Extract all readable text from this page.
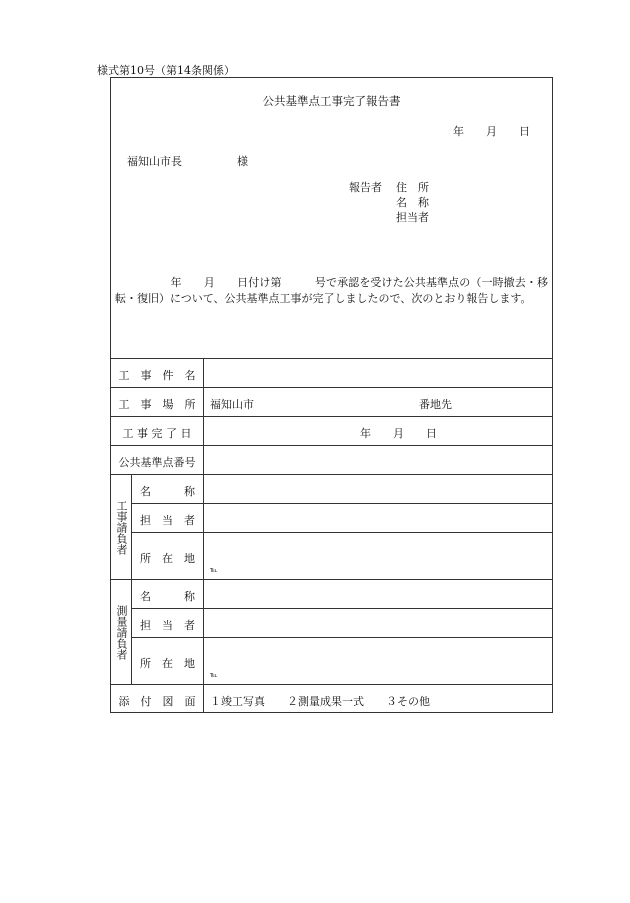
様式第10号（第14条関係）
公共基準点工事完了報告書
年　　月　　日
福知山市長　　　　　様
報告者 住　所
名　称
担当者
　　　　　年　　月　　日付け第　　　号で承認を受けた公共基準点の（一時撤去・移転・復旧）について、公共基準点工事が完了しましたので、次のとおり報告します。
工　事　件　名
工　事　場　所	福知山市	番地先
工 事 完 了 日	年　　月　　日
公共基準点番号
工事請負者
名　　　称
担　当　者
所　在　地
℡
測量請負者
名　　　称
担　当　者
所　在　地
℡
添　付　図　面	１竣工写真　　２測量成果一式　　３その他
